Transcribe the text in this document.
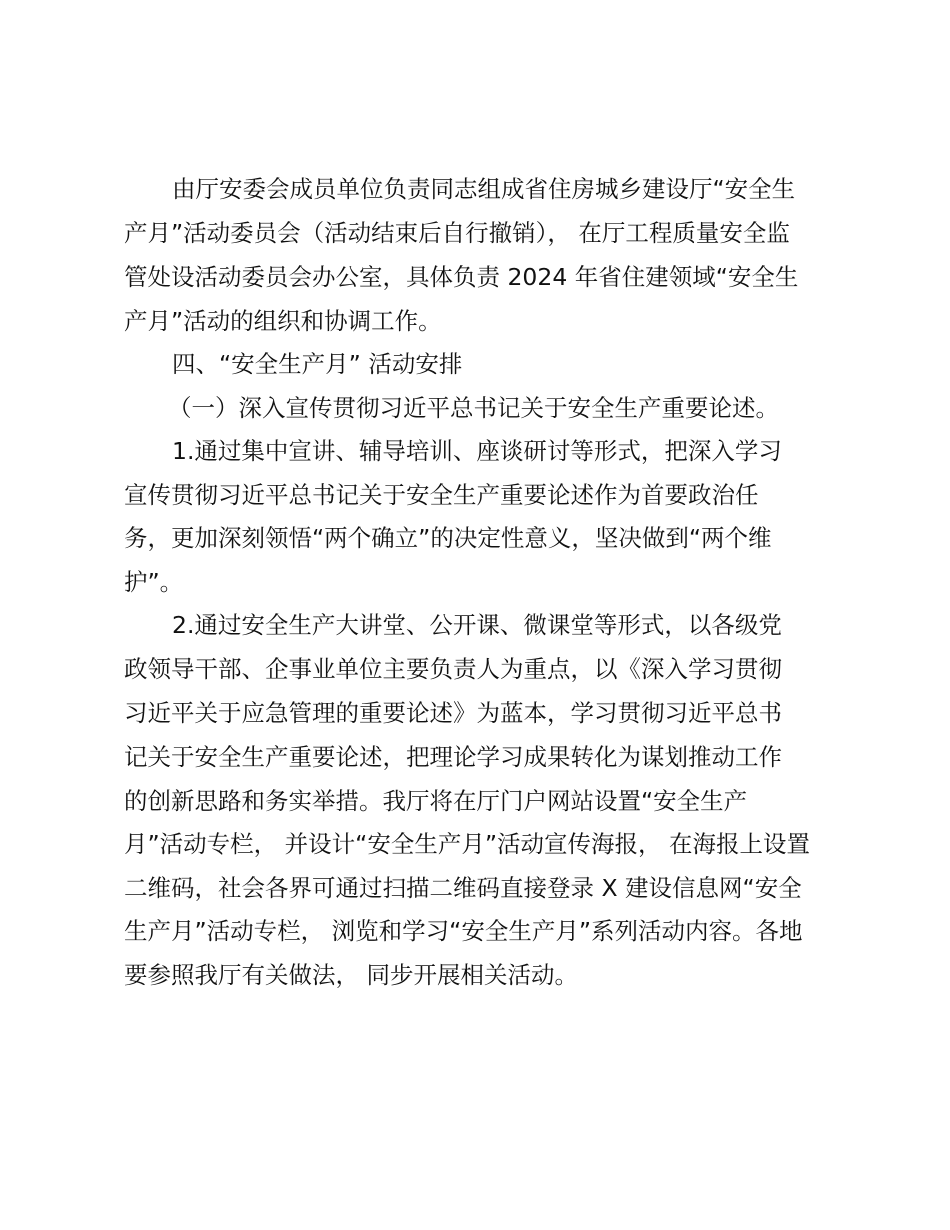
由厅安委会成员单位负责同志组成省住房城乡建设厅“安全生
产月”活动委员会（活动结束后自行撤销）， 在厅工程质量安全监
管处设活动委员会办公室，具体负责 2024 年省住建领域“安全生
产月”活动的组织和协调工作。
四、“安全生产月” 活动安排
（一）深入宣传贯彻习近平总书记关于安全生产重要论述。
1.通过集中宣讲、辅导培训、座谈研讨等形式，把深入学习
宣传贯彻习近平总书记关于安全生产重要论述作为首要政治任
务，更加深刻领悟“两个确立”的决定性意义，坚决做到“两个维
护”。
2.通过安全生产大讲堂、公开课、微课堂等形式，以各级党
政领导干部、企事业单位主要负责人为重点，以《深入学习贯彻
习近平关于应急管理的重要论述》为蓝本，学习贯彻习近平总书
记关于安全生产重要论述，把理论学习成果转化为谋划推动工作
的创新思路和务实举措。我厅将在厅门户网站设置“安全生产
月”活动专栏， 并设计“安全生产月”活动宣传海报， 在海报上设置
二维码，社会各界可通过扫描二维码直接登录 X 建设信息网“安全
生产月”活动专栏， 浏览和学习“安全生产月”系列活动内容。各地
要参照我厅有关做法， 同步开展相关活动。
